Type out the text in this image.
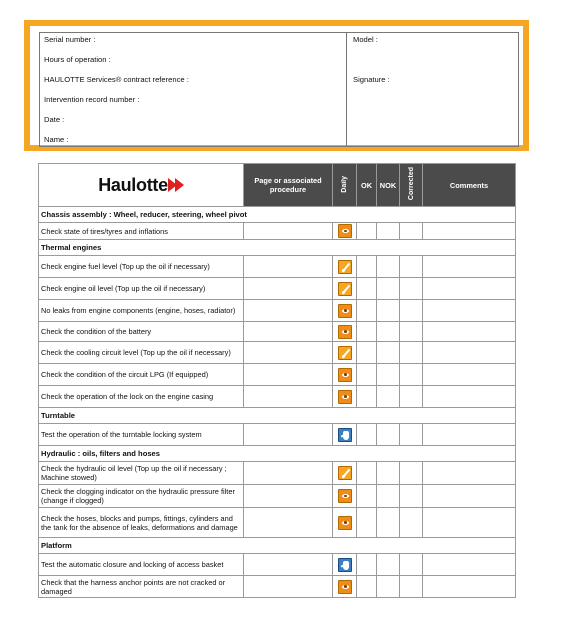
Serial number :
Hours of operation :
HAULOTTE Services® contract reference :
Intervention record number :
Date :
Name :
Model :
Signature :
Haulotte	Page or associated procedure	Daily	OK	NOK	Corrected	Comments
Chassis assembly : Wheel, reducer, steering, wheel pivot						
Check state of tires/tyres and inflations						
Thermal engines						
Check engine fuel level (Top up the oil if necessary)						
Check engine oil level (Top up the oil if necessary)						
No leaks from engine components (engine, hoses, radiator)						
Check the condition of the battery						
Check the cooling circuit level (Top up the oil if necessary)						
Check the condition of the circuit LPG (If equipped)						
Check the operation of the lock on the engine casing						
Turntable						
Test the operation of the turntable locking system						
Hydraulic : oils, filters and hoses						
Check the hydraulic oil level (Top up the oil if necessary ; Machine stowed)						
Check the clogging indicator on the hydraulic pressure filter (change if clogged)						
Check the hoses, blocks and pumps, fittings, cylinders and the tank for the absence of leaks, deformations and damage						
Platform						
Test the automatic closure and locking of access basket						
Check that the harness anchor points are not cracked or damaged						
